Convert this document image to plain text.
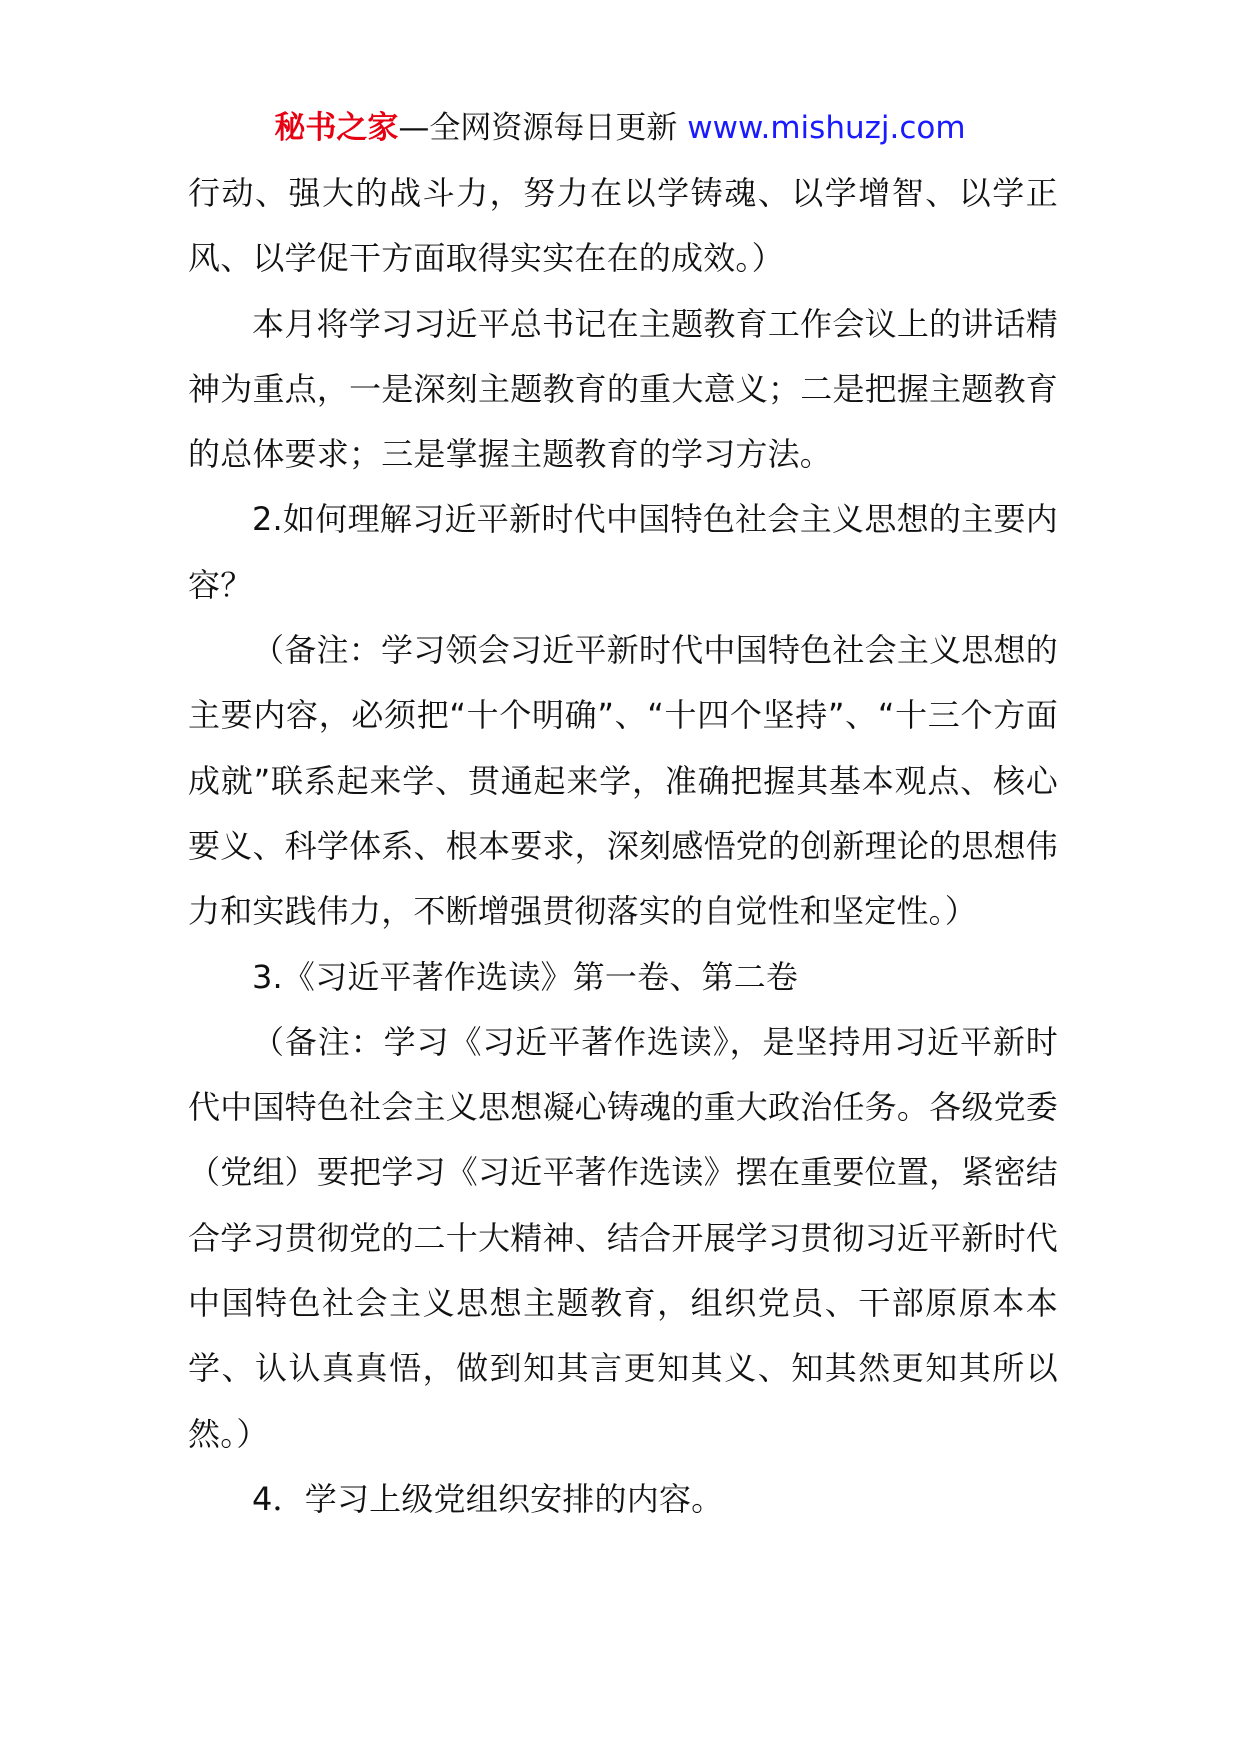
秘书之家—全网资源每日更新 www.mishuzj.com

行动、强大的战斗力，努力在以学铸魂、以学增智、以学正风、以学促干方面取得实实在在的成效。）

本月将学习习近平总书记在主题教育工作会议上的讲话精神为重点，一是深刻主题教育的重大意义；二是把握主题教育的总体要求；三是掌握主题教育的学习方法。

2.如何理解习近平新时代中国特色社会主义思想的主要内容？

（备注：学习领会习近平新时代中国特色社会主义思想的主要内容，必须把“十个明确”、“十四个坚持”、“十三个方面成就”联系起来学、贯通起来学，准确把握其基本观点、核心要义、科学体系、根本要求，深刻感悟党的创新理论的思想伟力和实践伟力，不断增强贯彻落实的自觉性和坚定性。）

3.《习近平著作选读》第一卷、第二卷

（备注：学习《习近平著作选读》，是坚持用习近平新时代中国特色社会主义思想凝心铸魂的重大政治任务。各级党委（党组）要把学习《习近平著作选读》摆在重要位置，紧密结合学习贯彻党的二十大精神、结合开展学习贯彻习近平新时代中国特色社会主义思想主题教育，组织党员、干部原原本本学、认认真真悟，做到知其言更知其义、知其然更知其所以然。）

4．学习上级党组织安排的内容。
